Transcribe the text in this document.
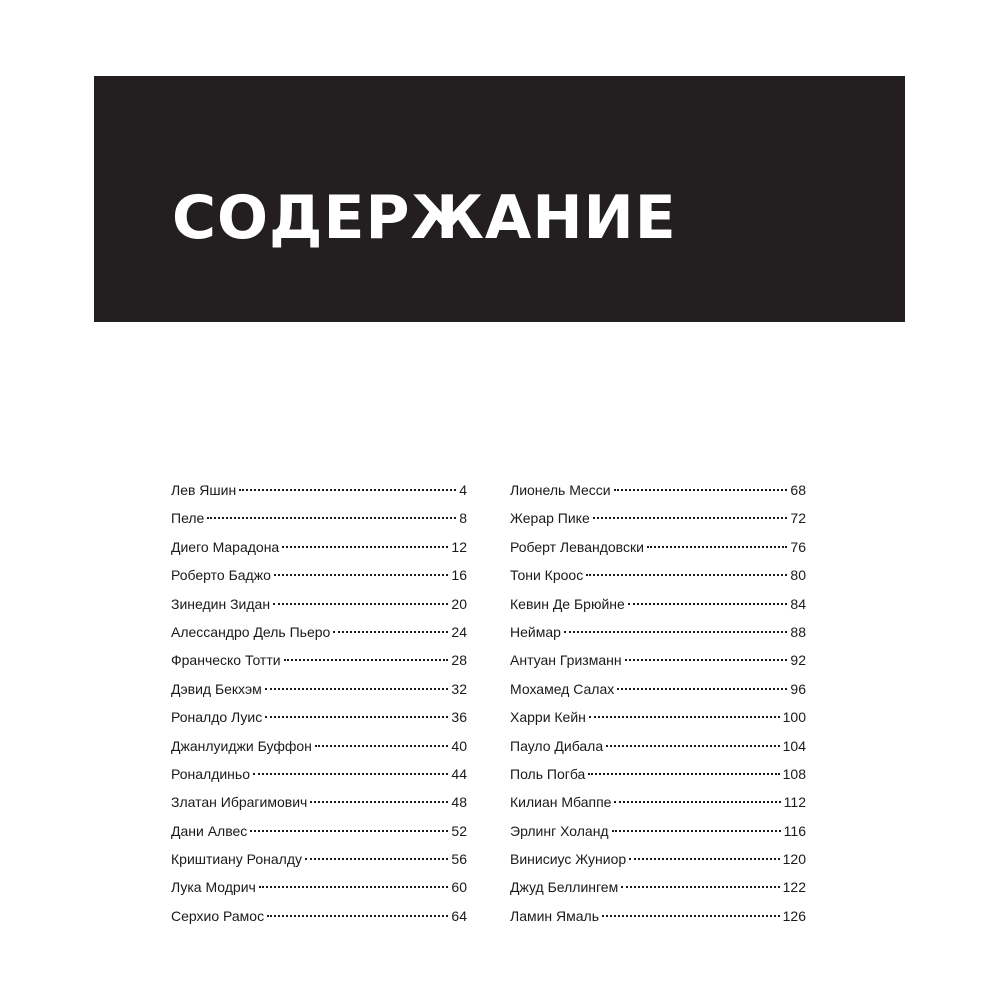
СОДЕРЖАНИЕ
Лев Яшин	4
Пеле	8
Диего Марадона	12
Роберто Баджо	16
Зинедин Зидан	20
Алессандро Дель Пьеро	24
Франческо Тотти	28
Дэвид Бекхэм	32
Роналдо Луис	36
Джанлуиджи Буффон	40
Роналдиньо	44
Златан Ибрагимович	48
Дани Алвес	52
Криштиану Роналду	56
Лука Модрич	60
Серхио Рамос	64
Лионель Месси	68
Жерар Пике	72
Роберт Левандовски	76
Тони Кроос	80
Кевин Де Брюйне	84
Неймар	88
Антуан Гризманн	92
Мохамед Салах	96
Харри Кейн	100
Пауло Дибала	104
Поль Погба	108
Килиан Мбаппе	112
Эрлинг Холанд	116
Винисиус Жуниор	120
Джуд Беллингем	122
Ламин Ямаль	126
